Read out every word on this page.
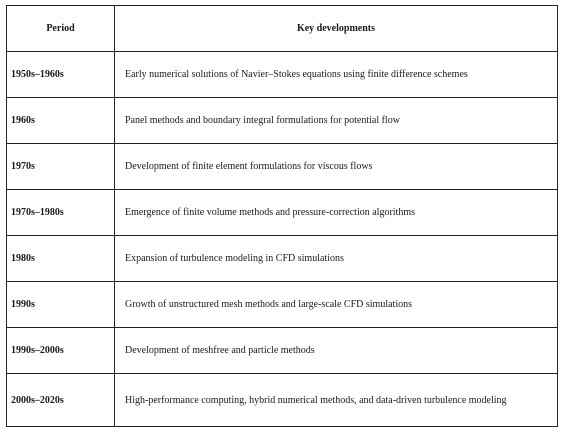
Period	Key developments
1950s–1960s	Early numerical solutions of Navier–Stokes equations using finite difference schemes
1960s	Panel methods and boundary integral formulations for potential flow
1970s	Development of finite element formulations for viscous flows
1970s–1980s	Emergence of finite volume methods and pressure-correction algorithms
1980s	Expansion of turbulence modeling in CFD simulations
1990s	Growth of unstructured mesh methods and large-scale CFD simulations
1990s–2000s	Development of meshfree and particle methods
2000s–2020s	High-performance computing, hybrid numerical methods, and data-driven turbulence modeling
